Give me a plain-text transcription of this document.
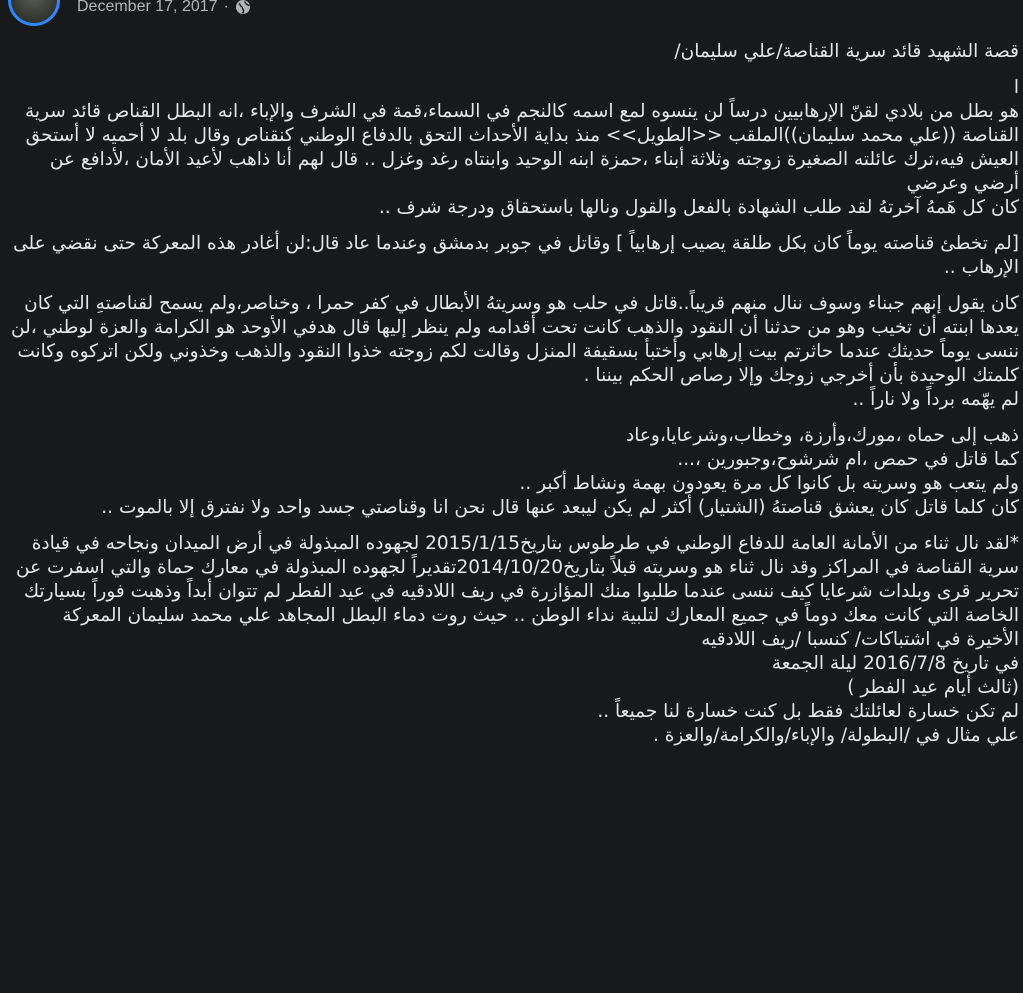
December 17, 2017 ·
قصة الشهيد قائد سرية القناصة/علي سليمان/
ا
هو بطل من بلادي لقنّ الإرهابيين درساً لن ينسوه لمع اسمه كالنجم في السماء،قمة في الشرف والإباء ،انه البطل القناص قائد سرية القناصة ((علي محمد سليمان))الملقب <<الطويل>> منذ بداية الأحداث التحق بالدفاع الوطني كنقناص وقال بلد لا أحميه لا أستحق العيش فيه،ترك عائلته الصغيرة زوجته وثلاثة أبناء ،حمزة ابنه الوحيد وابنتاه رغد وغزل .. قال لهم أنا ذاهب لأعيد الأمان ،لأدافع عن أرضي وعرضي
كان كل هَمهُ آخرتهُ لقد طلب الشهادة بالفعل والقول ونالها باستحقاق ودرجة شرف ..
[لم تخطئ قناصته يوماً كان بكل طلقة يصيب إرهابياً ] وقاتل في جوبر بدمشق وعندما عاد قال:لن أغادر هذه المعركة حتى نقضي على الإرهاب ..
كان يقول إنهم جبناء وسوف ننال منهم قريباً..قاتل في حلب هو وسريتهُ الأبطال في كفر حمرا ، وخناصر،ولم يسمح لقناصتهِ التي كان يعدها ابنته أن تخيب وهو من حدثنا أن النقود والذهب كانت تحت أقدامه ولم ينظر إليها قال هدفي الأوحد هو الكرامة والعزة لوطني ،لن ننسى يوماً حديثك عندما حاثرتم بيت إرهابي وأختبأ بسقيفة المنزل وقالت لكم زوجته خذوا النقود والذهب وخذوني ولكن اتركوه وكانت كلمتك الوحيدة بأن أخرجي زوجك وإلا رصاص الحكم بيننا .
لم يهّمه برداً ولا ناراً ..
ذهب إلى حماه ،مورك،وأرزة، وخطاب،وشرعايا،وعاد
كما قاتل في حمص ،ام شرشوح،وجبورين ،...
ولم يتعب هو وسريته بل كانوا كل مرة يعودون بهمة ونشاط أكبر ..
كان كلما قاتل كان يعشق قناصتهُ (الشتيار) أكثر لم يكن ليبعد عنها قال نحن انا وقناصتي جسد واحد ولا نفترق إلا بالموت ..
*لقد نال ثناء من الأمانة العامة للدفاع الوطني في طرطوس بتاريخ2015/1/15 لجهوده المبذولة في أرض الميدان ونجاحه في قيادة سرية القناصة في المراكز وقد نال ثناء هو وسريته قبلاً بتاريخ2014/10/20تقديراً لجهوده المبذولة في معارك حماة والتي اسفرت عن تحرير قرى وبلدات شرعايا كيف ننسى عندما طلبوا منك المؤازرة في ريف اللادقيه في عيد الفطر لم تتوان أبداً وذهبت فوراً بسيارتك الخاصة التي كانت معك دوماً في جميع المعارك لتلبية نداء الوطن .. حيث روت دماء البطل المجاهد علي محمد سليمان المعركة الأخيرة في اشتباكات/ كنسبا /ريف اللادقيه
في تاريخ 2016/7/8 ليلة الجمعة
(ثالث أيام عيد الفطر )
لم تكن خسارة لعائلتك فقط بل كنت خسارة لنا جميعاً ..
علي مثال في /البطولة/ والإباء/والكرامة/والعزة .
